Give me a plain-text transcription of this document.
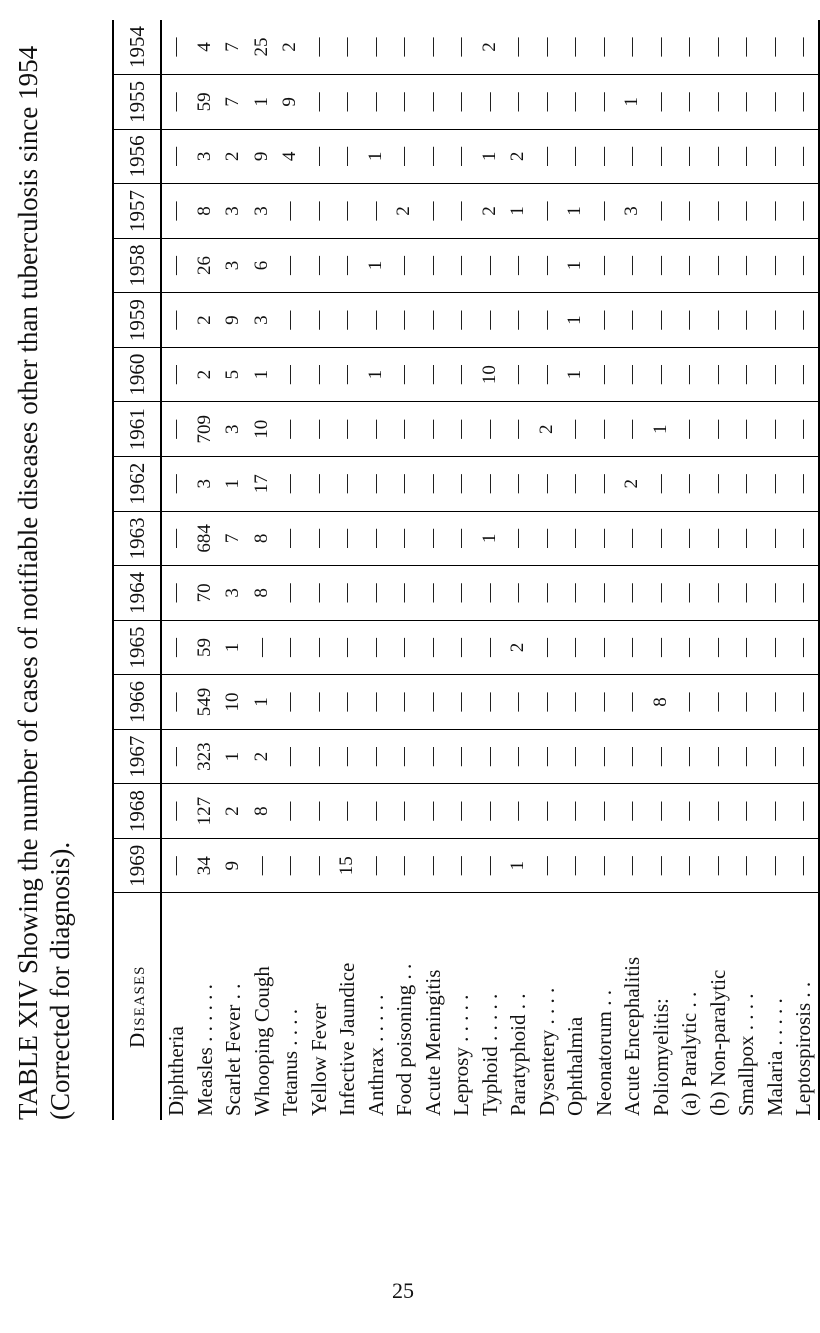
TABLE XIV Showing the number of cases of notifiable diseases other than tuberculosis since 1954 (Corrected for diagnosis). Diseases	1969	1968	1967	1966	1965	1964	1963	1962	1961	1960	1959	1958	1957	1956	1955	1954
Diphtheria	—	—	—	—	—	—	—	—	—	—	—	—	—	—	—	—
Measles . . . . . .	34	127	323	549	59	70	684	3	709	2	2	26	8	3	59	4
Scarlet Fever . .	9	2	1	10	1	3	7	1	3	5	9	3	3	2	7	7
Whooping Cough	—	8	2	1	—	8	8	17	10	1	3	6	3	9	1	25
Tetanus . . . .	—	—	—	—	—	—	—	—	—	—	—	—	—	4	9	2
Yellow Fever	—	—	—	—	—	—	—	—	—	—	—	—	—	—	—	—
Infective Jaundice	15	—	—	—	—	—	—	—	—	—	—	—	—	—	—	—
Anthrax . . . . .	—	—	—	—	—	—	—	—	—	1	—	1	—	1	—	—
Food poisoning . .	—	—	—	—	—	—	—	—	—	—	—	—	2	—	—	—
Acute Meningitis	—	—	—	—	—	—	—	—	—	—	—	—	—	—	—	—
Leprosy . . . . .	—	—	—	—	—	—	—	—	—	—	—	—	—	—	—	—
Typhoid . . . . .	—	—	—	—	—	—	1	—	—	10	—	—	2	1	—	2
Paratyphoid . .	1	—	—	—	2	—	—	—	—	—	—	—	1	2	—	—
Dysentery . . . .	—	—	—	—	—	—	—	—	2	—	—	—	—	—	—	—
Ophthalmia	—	—	—	—	—	—	—	—	—	1	1	1	1	—	—	—
Neonatorum . .	—	—	—	—	—	—	—	—	—	—	—	—	—	—	—	—
Acute Encephalitis	—	—	—	—	—	—	—	2	—	—	—	—	3	—	1	—
Poliomyelitis:	—	—	—	8	—	—	—	—	1	—	—	—	—	—	—	—
(a) Paralytic . .	—	—	—	—	—	—	—	—	—	—	—	—	—	—	—	—
(b) Non-paralytic	—	—	—	—	—	—	—	—	—	—	—	—	—	—	—	—
Smallpox . . . .	—	—	—	—	—	—	—	—	—	—	—	—	—	—	—	—
Malaria . . . . .	—	—	—	—	—	—	—	—	—	—	—	—	—	—	—	—
Leptospirosis . .	—	—	—	—	—	—	—	—	—	—	—	—	—	—	—	—
25
